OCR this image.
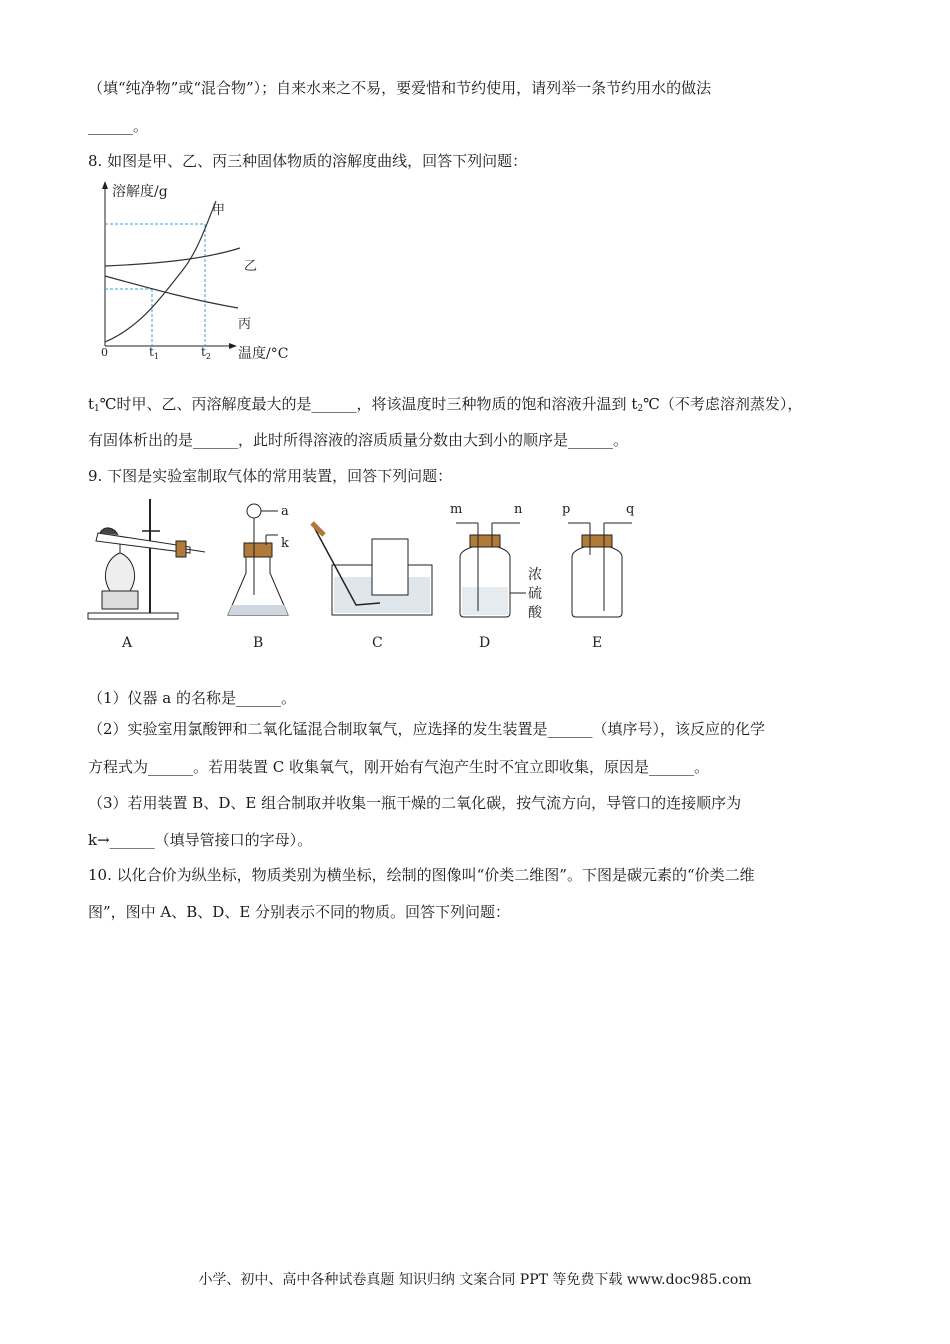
（填“纯净物”或“混合物”）；自来水来之不易，要爱惜和节约使用，请列举一条节约用水的做法
______。
8. 如图是甲、乙、丙三种固体物质的溶解度曲线，回答下列问题：
溶解度/g
温度/°C
0	$t_1$	$t_2$
甲
乙
丙
$t_1℃$时甲、乙、丙溶解度最大的是______，将该温度时三种物质的饱和溶液升温到 $t_2℃$（不考虑溶剂蒸发），
有固体析出的是______，此时所得溶液的溶质质量分数由大到小的顺序是______。
9. 下图是实验室制取气体的常用装置，回答下列问题：
A
a
k
B	C
m	n
浓
硫
酸
D
p	q
E
（1）仪器 a 的名称是______。
（2）实验室用氯酸钾和二氧化锰混合制取氧气，应选择的发生装置是______（填序号），该反应的化学
方程式为______。若用装置 C 收集氧气，刚开始有气泡产生时不宜立即收集，原因是______。
（3）若用装置 B、D、E 组合制取并收集一瓶干燥的二氧化碳，按气流方向，导管口的连接顺序为
k→______（填导管接口的字母）。
10. 以化合价为纵坐标，物质类别为横坐标，绘制的图像叫“价类二维图”。下图是碳元素的“价类二维
图”，图中 A、B、D、E 分别表示不同的物质。回答下列问题：
小学、初中、高中各种试卷真题 知识归纳 文案合同 PPT 等免费下载 www.doc985.com
